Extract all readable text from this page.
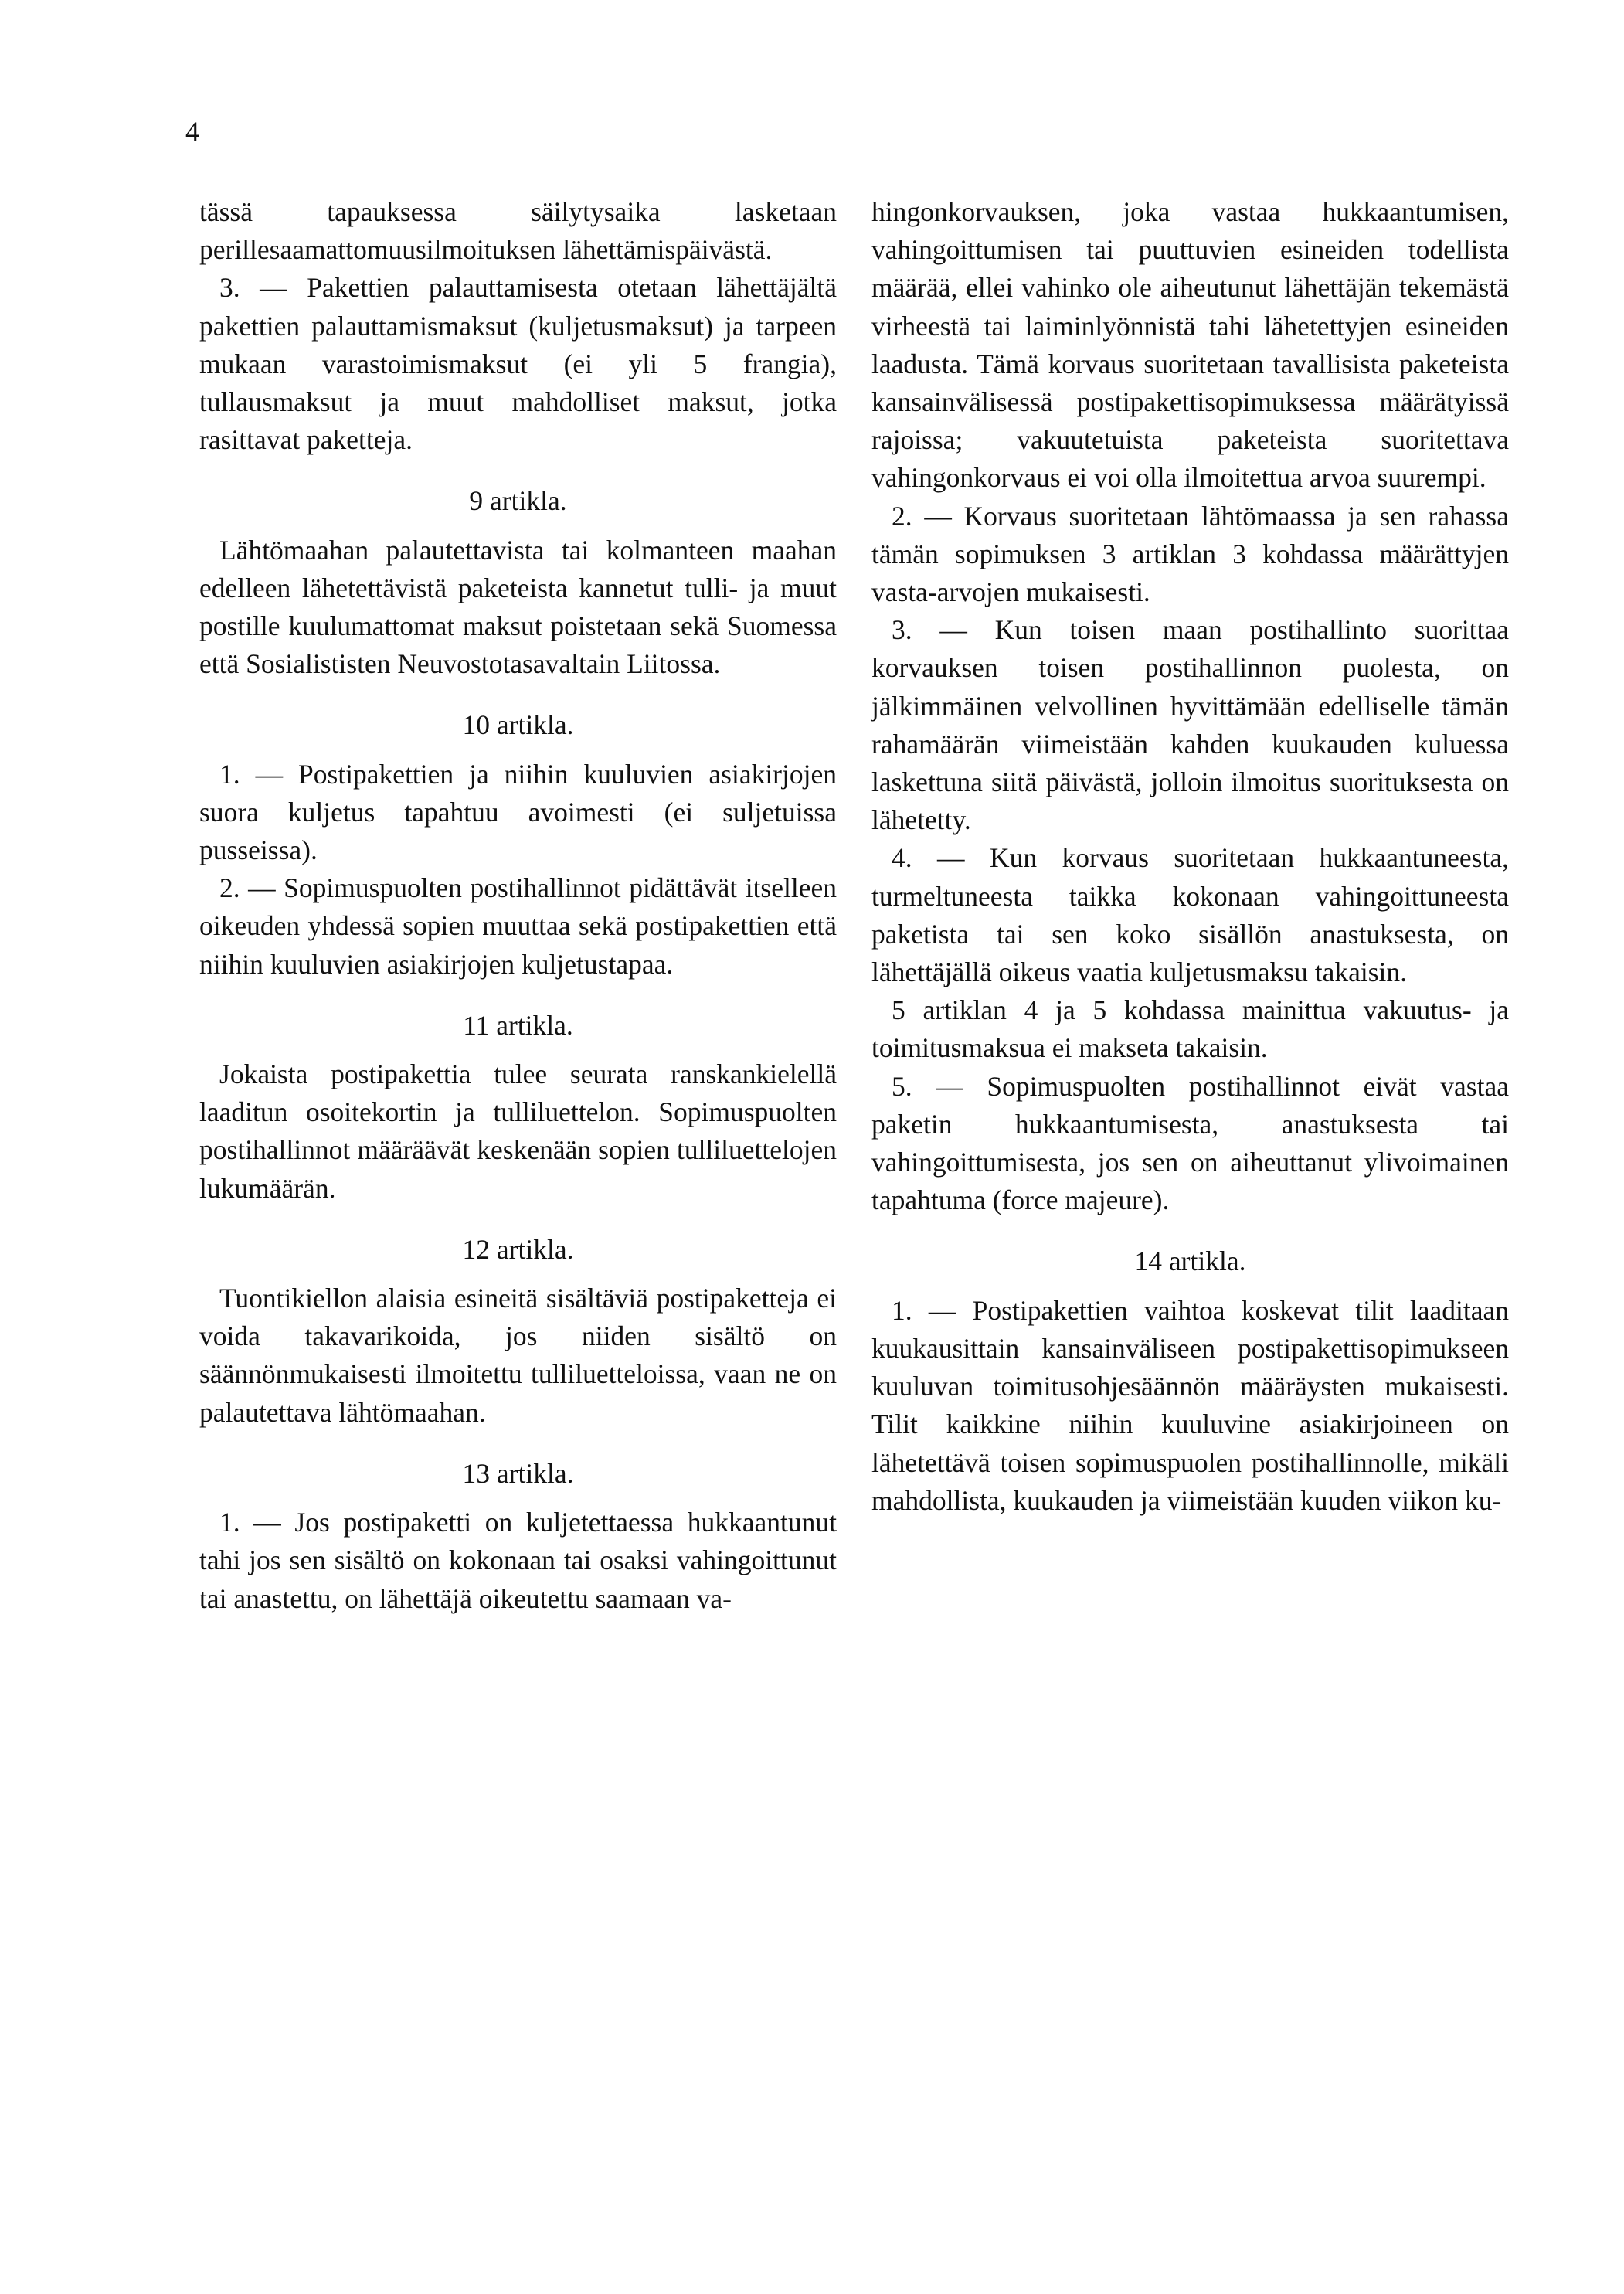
4

tässä tapauksessa säilytysaika lasketaan perillesaamattomuusilmoituksen lähettämispäivästä.

3. — Pakettien palauttamisesta otetaan lähettäjältä pakettien palauttamismaksut (kuljetusmaksut) ja tarpeen mukaan varastoimismaksut (ei yli 5 frangia), tullausmaksut ja muut mahdolliset maksut, jotka rasittavat paketteja.

9 artikla.

Lähtömaahan palautettavista tai kolmanteen maahan edelleen lähetettävistä paketeista kannetut tulli- ja muut postille kuulumattomat maksut poistetaan sekä Suomessa että Sosialististen Neuvostotasavaltain Liitossa.

10 artikla.

1. — Postipakettien ja niihin kuuluvien asiakirjojen suora kuljetus tapahtuu avoimesti (ei suljetuissa pusseissa).

2. — Sopimuspuolten postihallinnot pidättävät itselleen oikeuden yhdessä sopien muuttaa sekä postipakettien että niihin kuuluvien asiakirjojen kuljetustapaa.

11 artikla.

Jokaista postipakettia tulee seurata ranskankielellä laaditun osoitekortin ja tulliluettelon. Sopimuspuolten postihallinnot määräävät keskenään sopien tulliluettelojen lukumäärän.

12 artikla.

Tuontikiellon alaisia esineitä sisältäviä postipaketteja ei voida takavarikoida, jos niiden sisältö on säännönmukaisesti ilmoitettu tulliluetteloissa, vaan ne on palautettava lähtömaahan.

13 artikla.

1. — Jos postipaketti on kuljetettaessa hukkaantunut tahi jos sen sisältö on kokonaan tai osaksi vahingoittunut tai anastettu, on lähettäjä oikeutettu saamaan va-

hingonkorvauksen, joka vastaa hukkaantumisen, vahingoittumisen tai puuttuvien esineiden todellista määrää, ellei vahinko ole aiheutunut lähettäjän tekemästä virheestä tai laiminlyönnistä tahi lähetettyjen esineiden laadusta. Tämä korvaus suoritetaan tavallisista paketeista kansainvälisessä postipakettisopimuksessa määrätyissä rajoissa; vakuutetuista paketeista suoritettava vahingonkorvaus ei voi olla ilmoitettua arvoa suurempi.

2. — Korvaus suoritetaan lähtömaassa ja sen rahassa tämän sopimuksen 3 artiklan 3 kohdassa määrättyjen vasta-arvojen mukaisesti.

3. — Kun toisen maan postihallinto suorittaa korvauksen toisen postihallinnon puolesta, on jälkimmäinen velvollinen hyvittämään edelliselle tämän rahamäärän viimeistään kahden kuukauden kuluessa laskettuna siitä päivästä, jolloin ilmoitus suorituksesta on lähetetty.

4. — Kun korvaus suoritetaan hukkaantuneesta, turmeltuneesta taikka kokonaan vahingoittuneesta paketista tai sen koko sisällön anastuksesta, on lähettäjällä oikeus vaatia kuljetusmaksu takaisin.

5 artiklan 4 ja 5 kohdassa mainittua vakuutus- ja toimitusmaksua ei makseta takaisin.

5. — Sopimuspuolten postihallinnot eivät vastaa paketin hukkaantumisesta, anastuksesta tai vahingoittumisesta, jos sen on aiheuttanut ylivoimainen tapahtuma (force majeure).

14 artikla.

1. — Postipakettien vaihtoa koskevat tilit laaditaan kuukausittain kansainväliseen postipakettisopimukseen kuuluvan toimitusohjesäännön määräysten mukaisesti. Tilit kaikkine niihin kuuluvine asiakirjoineen on lähetettävä toisen sopimuspuolen postihallinnolle, mikäli mahdollista, kuukauden ja viimeistään kuuden viikon ku-
